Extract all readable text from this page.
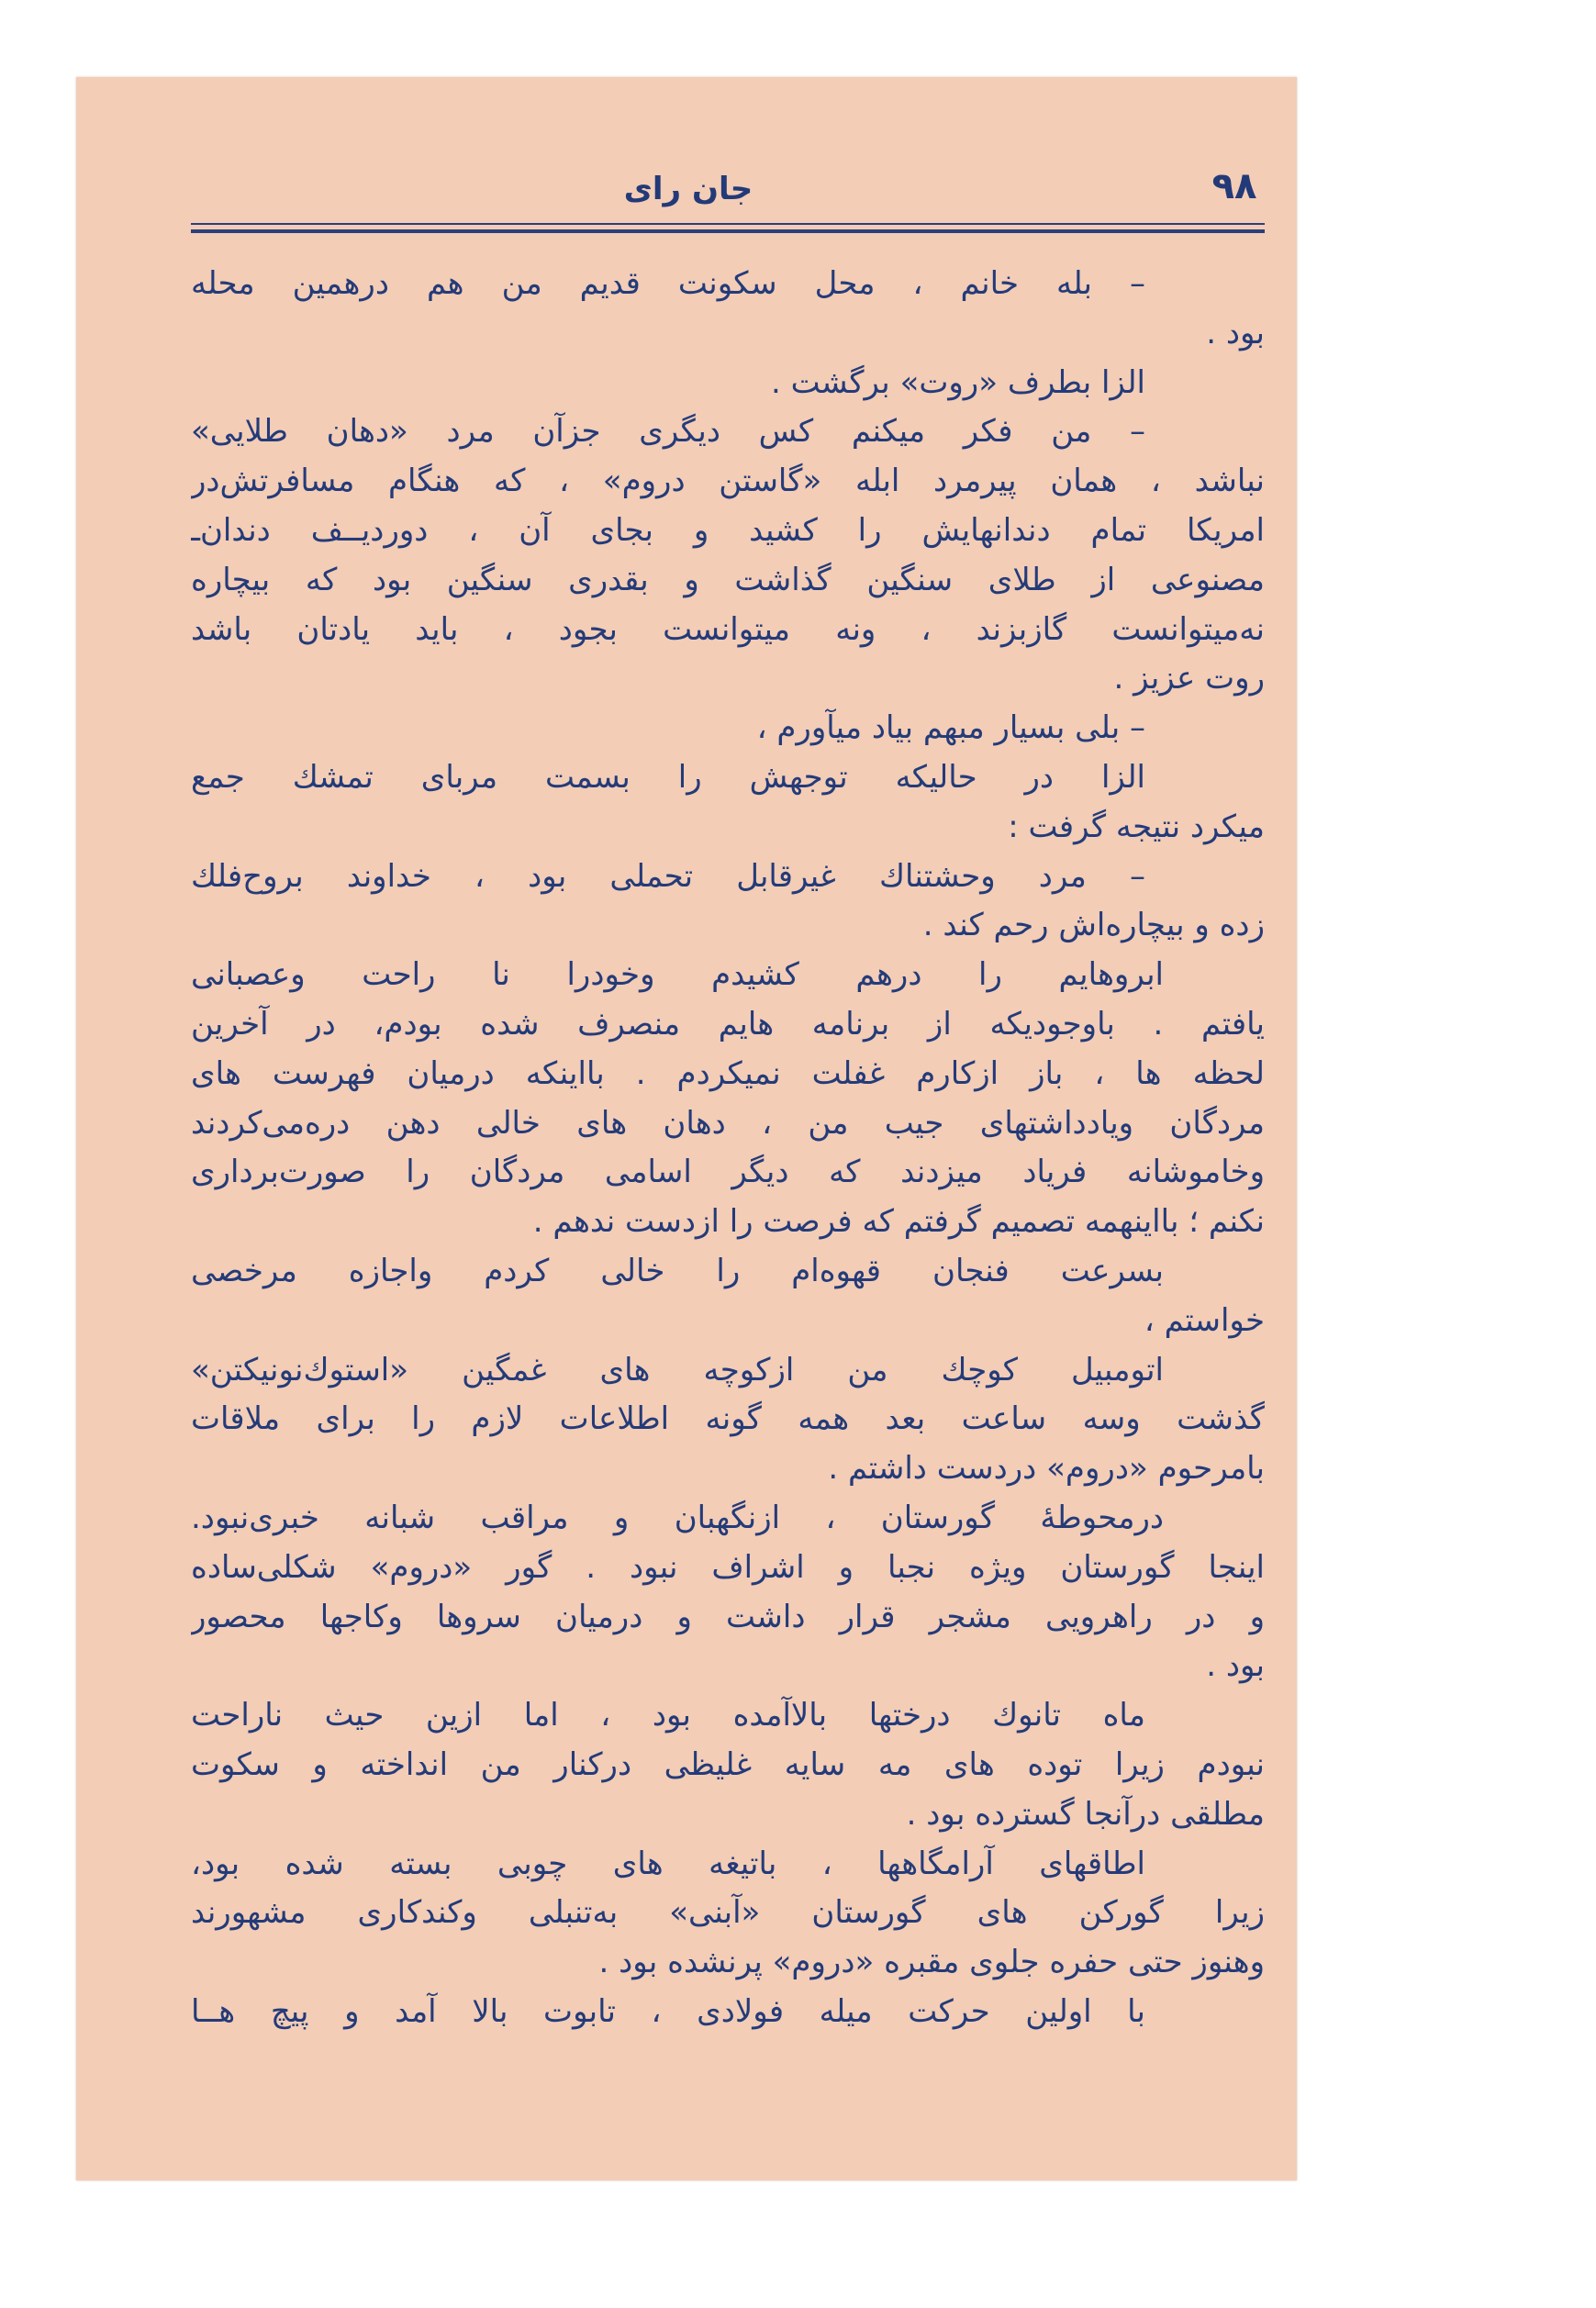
۹۸
جان رای
– بله خانم ، محل سکونت قدیم من هم درهمین محله
بود .
الزا بطرف «روت» برگشت .
– من فکر میکنم کس دیگری جزآن مرد «دهان طلایی»
نباشد ، همان پیرمرد ابله «گاستن دروم» ، که هنگام مسافرتش‌در
امریکا تمام دندانهایش را کشید و بجای آن ، دوردیــف دندان‌ـ
مصنوعی از طلای سنگین گذاشت و بقدری سنگین بود که بیچاره
نه‌میتوانست گازبزند ، ونه میتوانست بجود ، باید یادتان باشد
روت عزیز .
– بلی بسیار مبهم بیاد میآورم ،
الزا در حالیکه توجهش را بسمت مربای تمشك جمع
میکرد نتیجه گرفت :
– مرد وحشتناك غیرقابل تحملی بود ، خداوند بروح‌فلك
زده و بیچاره‌اش رحم کند .
ابروهایم را درهم کشیدم وخودرا نا راحت وعصبانی
یافتم . باوجودیکه از برنامه هایم منصرف شده بودم، در آخرین
لحظه ها ، باز ازکارم غفلت نمیکردم . بااینکه درمیان فهرست های
مردگان ویادداشتهای جیب من ، دهان های خالی دهن دره‌می‌کردند
وخاموشانه فریاد میزدند که دیگر اسامی مردگان را صورت‌برداری
نکنم ؛ بااینهمه تصمیم گرفتم که فرصت را ازدست ندهم .
بسرعت فنجان قهوه‌ام را خالی کردم واجازه مرخصی
خواستم ،
اتومبیل کوچك من ازکوچه های غمگین «استوك‌نونیكتن»
گذشت وسه ساعت بعد همه گونه اطلاعات لازم را برای ملاقات
بامرحوم «دروم» دردست داشتم .
درمحوطهٔ گورستان ، ازنگهبان و مراقب شبانه خبری‌نبود.
اینجا گورستان ویژه نجبا و اشراف نبود . گور «دروم» شکلی‌ساده
و در راهرویی مشجر قرار داشت و درمیان سروها وکاجها محصور
بود .
ماه تانوك درختها بالاآمده بود ، اما ازین حیث ناراحت
نبودم زیرا توده های مه سایه غلیظی درکنار من انداخته و سکوت
مطلقی درآنجا گسترده بود .
اطاقهای آرامگاهها ، باتیغه های چوبی بسته شده بود،
زیرا گورکن های گورستان «آبنی» به‌تنبلی وکندکاری مشهورند
وهنوز حتی حفره جلوی مقبره «دروم» پرنشده بود .
با اولین حرکت میله فولادی ، تابوت بالا آمد و پیچ هــا
